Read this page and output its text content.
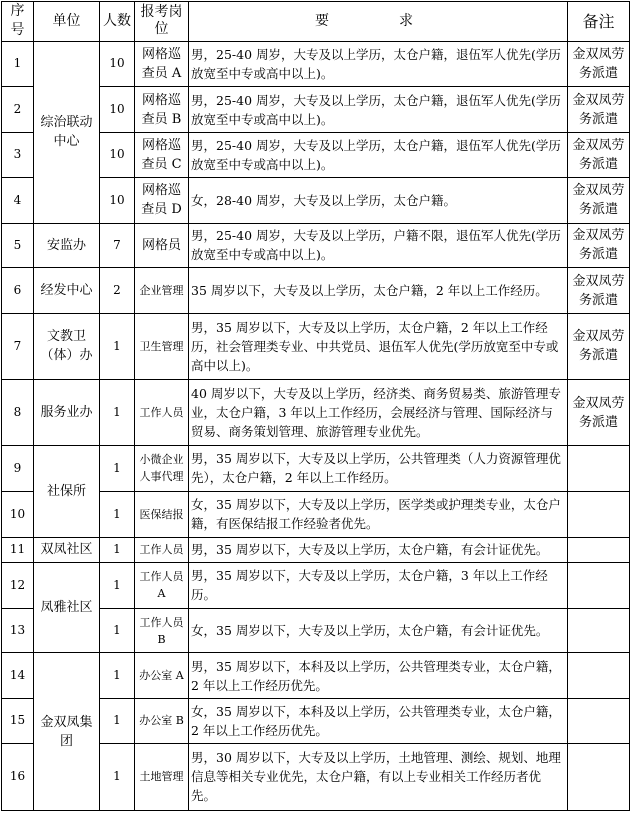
序号	单位	人数	报考岗位	要　求	备注
1	综治联动中心	10	网格巡查员 A	男，25-40 周岁，大专及以上学历，太仓户籍，退伍军人优先(学历放宽至中专或高中以上)。	金双凤劳务派遣
2		10	网格巡查员 B	男，25-40 周岁，大专及以上学历，太仓户籍，退伍军人优先(学历放宽至中专或高中以上)。	金双凤劳务派遣
3		10	网格巡查员 C	男，25-40 周岁，大专及以上学历，太仓户籍，退伍军人优先(学历放宽至中专或高中以上)。	金双凤劳务派遣
4		10	网格巡查员 D	女，28-40 周岁，大专及以上学历，太仓户籍。	金双凤劳务派遣
5	安监办	7	网格员	男，25-40 周岁，大专及以上学历，户籍不限，退伍军人优先(学历放宽至中专或高中以上)。	金双凤劳务派遣
6	经发中心	2	企业管理	35 周岁以下，大专及以上学历，太仓户籍，2 年以上工作经历。	金双凤劳务派遣
7	文教卫（体）办	1	卫生管理	男，35 周岁以下，大专及以上学历，太仓户籍，2 年以上工作经历，社会管理类专业、中共党员、退伍军人优先(学历放宽至中专或高中以上)。	金双凤劳务派遣
8	服务业办	1	工作人员	40 周岁以下，大专及以上学历，经济类、商务贸易类、旅游管理专业，太仓户籍，3 年以上工作经历，会展经济与管理、国际经济与贸易、商务策划管理、旅游管理专业优先。	金双凤劳务派遣
9	社保所	1	小微企业人事代理	男，35 周岁以下，大专及以上学历，公共管理类（人力资源管理优先），太仓户籍，2 年以上工作经历。	
10		1	医保结报	女，35 周岁以下，大专及以上学历，医学类或护理类专业，太仓户籍，有医保结报工作经验者优先。	
11	双凤社区	1	工作人员	男，35 周岁以下，大专及以上学历，太仓户籍，有会计证优先。	
12	凤雅社区	1	工作人员 A	男，35 周岁以下，大专及以上学历，太仓户籍，3 年以上工作经历。	
13		1	工作人员 B	女，35 周岁以下，大专及以上学历，太仓户籍，有会计证优先。	
14	金双凤集团	1	办公室 A	男，35 周岁以下，本科及以上学历，公共管理类专业，太仓户籍，2 年以上工作经历优先。	
15		1	办公室 B	女，35 周岁以下，本科及以上学历，公共管理类专业，太仓户籍，2 年以上工作经历优先。	
16		1	土地管理	男，30 周岁以下，大专及以上学历，土地管理、测绘、规划、地理信息等相关专业优先，太仓户籍，有以上专业相关工作经历者优先。	
